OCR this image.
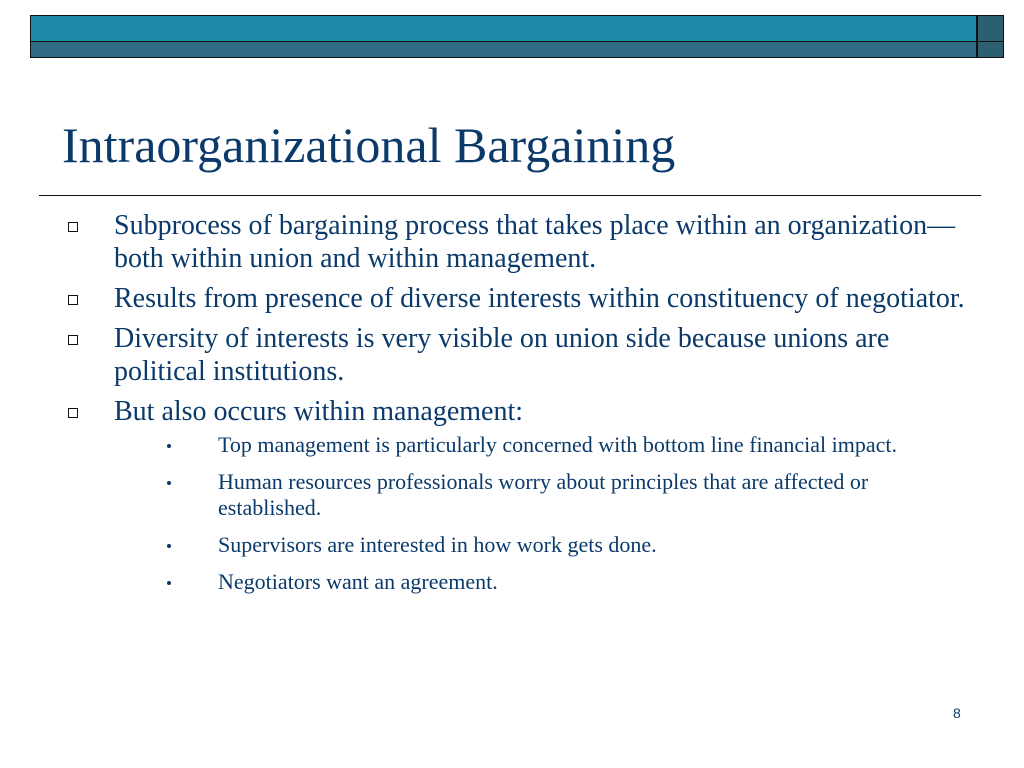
Intraorganizational Bargaining
Subprocess of bargaining process that takes place within an organization—both within union and within management.
Results from presence of diverse interests within constituency of negotiator.
Diversity of interests is very visible on union side because unions are political institutions.
But also occurs within management:
Top management is particularly concerned with bottom line financial impact.
Human resources professionals worry about principles that are affected or established.
Supervisors are interested in how work gets done.
Negotiators want an agreement.
8
